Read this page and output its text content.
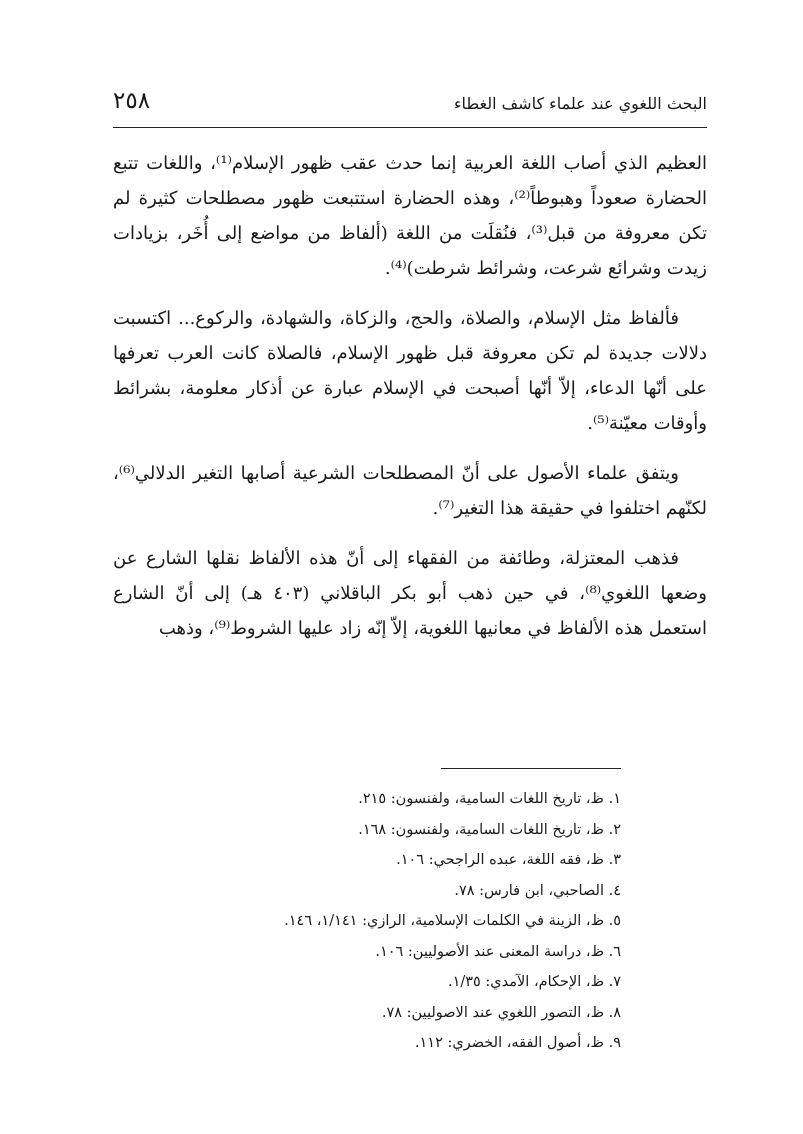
البحث اللغوي عند علماء كاشف الغطاء
٢٥٨

العظيم الذي أصاب اللغة العربية إنما حدث عقب ظهور الإسلام⁽¹⁾، واللغات تتبع الحضارة صعوداً وهبوطاً⁽²⁾، وهذه الحضارة استتبعت ظهور مصطلحات كثيرة لم تكن معروفة من قبل⁽³⁾، فنُقلَت من اللغة (ألفاظ من مواضع إلى أُخَر، بزيادات زيدت وشرائع شرعت، وشرائط شرطت)⁽⁴⁾.

فألفاظ مثل الإسلام، والصلاة، والحج، والزكاة، والشهادة، والركوع... اكتسبت دلالات جديدة لم تكن معروفة قبل ظهور الإسلام، فالصلاة كانت العرب تعرفها على أنّها الدعاء، إلاّ أنّها أصبحت في الإسلام عبارة عن أذكار معلومة، بشرائط وأوقات معيّنة⁽⁵⁾.

ويتفق علماء الأصول على أنّ المصطلحات الشرعية أصابها التغير الدلالي⁽⁶⁾، لكنّهم اختلفوا في حقيقة هذا التغير⁽⁷⁾.

فذهب المعتزلة، وطائفة من الفقهاء إلى أنّ هذه الألفاظ نقلها الشارع عن وضعها اللغوي⁽⁸⁾، في حين ذهب أبو بكر الباقلاني (٤٠٣ هـ) إلى أنّ الشارع استعمل هذه الألفاظ في معانيها اللغوية، إلاّ إنّه زاد عليها الشروط⁽⁹⁾، وذهب

١. ظ، تاريخ اللغات السامية، ولفنسون: ٢١٥.
٢. ظ، تاريخ اللغات السامية، ولفنسون: ١٦٨.
٣. ظ، فقه اللغة، عبده الراجحي: ١٠٦.
٤. الصاحبي، ابن فارس: ٧٨.
٥. ظ، الزينة في الكلمات الإسلامية، الرازي: ١/١٤١، ١٤٦.
٦. ظ، دراسة المعنى عند الأصوليين: ١٠٦.
٧. ظ، الإحكام، الآمدي: ١/٣٥.
٨. ظ، التصور اللغوي عند الاصوليين: ٧٨.
٩. ظ، أصول الفقه، الخضري: ١١٢.
